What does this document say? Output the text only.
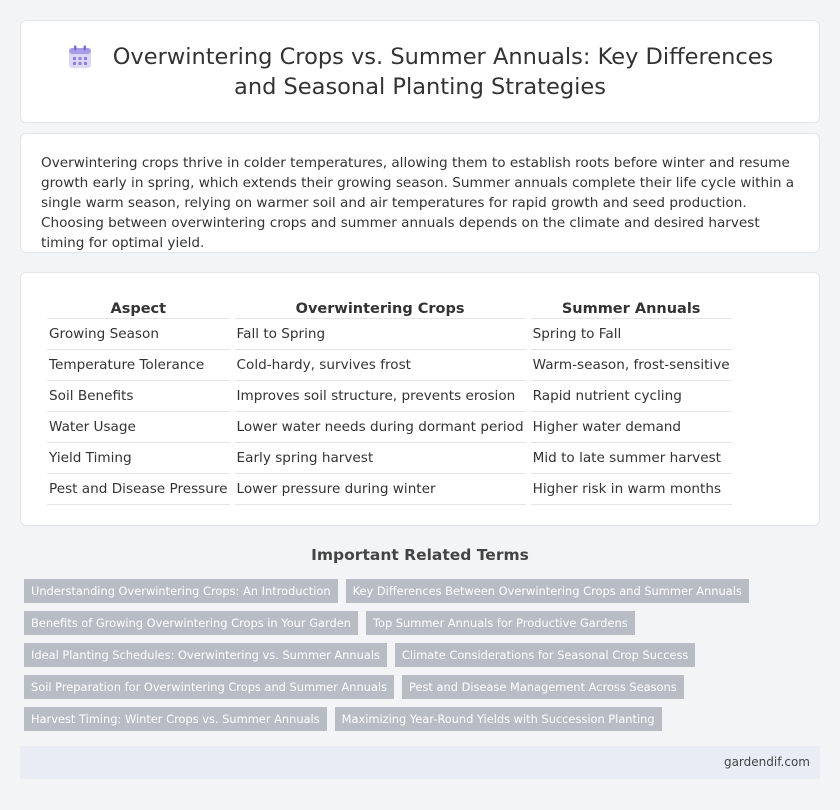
Overwintering Crops vs. Summer Annuals: Key Differences and Seasonal Planting Strategies

Overwintering crops thrive in colder temperatures, allowing them to establish roots before winter and resume growth early in spring, which extends their growing season. Summer annuals complete their life cycle within a single warm season, relying on warmer soil and air temperatures for rapid growth and seed production. Choosing between overwintering crops and summer annuals depends on the climate and desired harvest timing for optimal yield.

Aspect	Overwintering Crops	Summer Annuals
Growing Season	Fall to Spring	Spring to Fall
Temperature Tolerance	Cold-hardy, survives frost	Warm-season, frost-sensitive
Soil Benefits	Improves soil structure, prevents erosion	Rapid nutrient cycling
Water Usage	Lower water needs during dormant period	Higher water demand
Yield Timing	Early spring harvest	Mid to late summer harvest
Pest and Disease Pressure	Lower pressure during winter	Higher risk in warm months
Important Related Terms
Understanding Overwintering Crops: An Introduction	Key Differences Between Overwintering Crops and Summer Annuals
Benefits of Growing Overwintering Crops in Your Garden	Top Summer Annuals for Productive Gardens
Ideal Planting Schedules: Overwintering vs. Summer Annuals	Climate Considerations for Seasonal Crop Success
Soil Preparation for Overwintering Crops and Summer Annuals	Pest and Disease Management Across Seasons
Harvest Timing: Winter Crops vs. Summer Annuals	Maximizing Year-Round Yields with Succession Planting
gardendif.com
